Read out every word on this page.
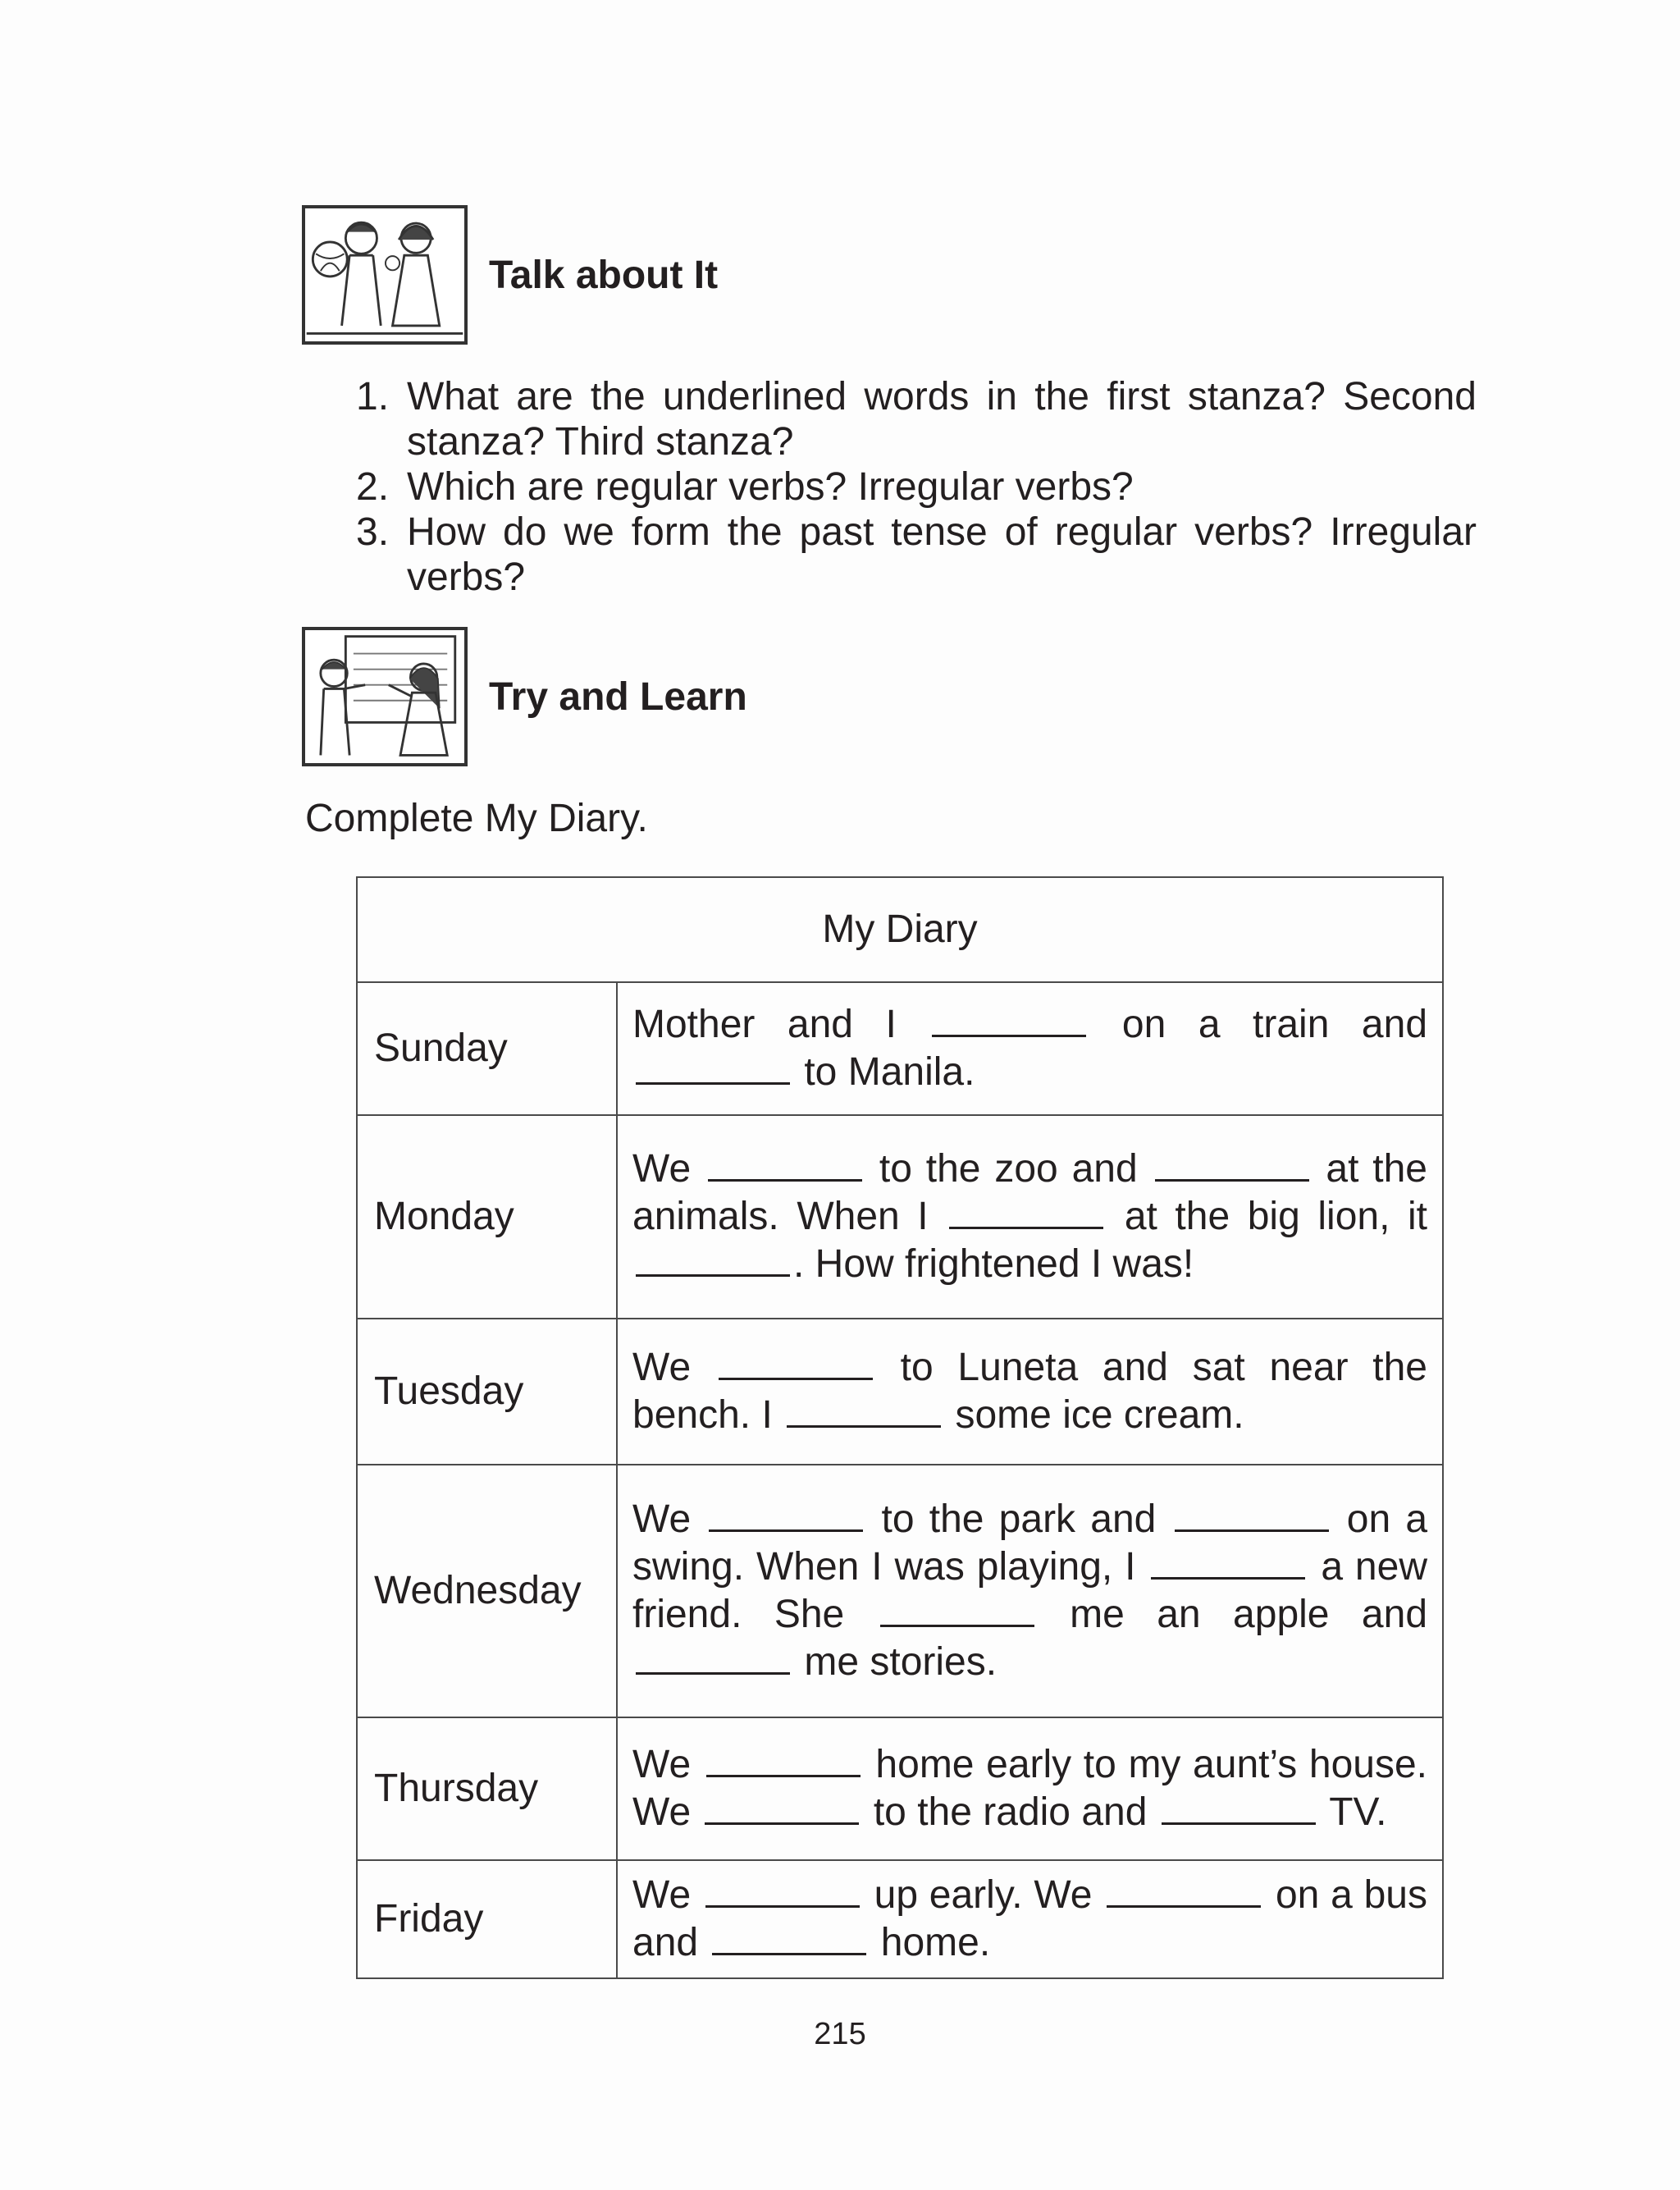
Talk about It
1. What are the underlined words in the first stanza? Second stanza? Third stanza?
2. Which are regular verbs? Irregular verbs?
3. How do we form the past tense of regular verbs? Irregular verbs?
Try and Learn
Complete My Diary.
My Diary	
Sunday	Mother and I on a train and  to Manila.
Monday	We to the zoo and at the animals. When I at the big lion, it . How frightened I was!
Tuesday	We to Luneta and sat near the bench. I some ice cream.
Wednesday	We to the park and on a swing. When I was playing, I a new friend. She me an apple and  me stories.
Thursday	We home early to my aunt’s house. We to the radio and TV.
Friday	We up early. We on a bus and home.
215
